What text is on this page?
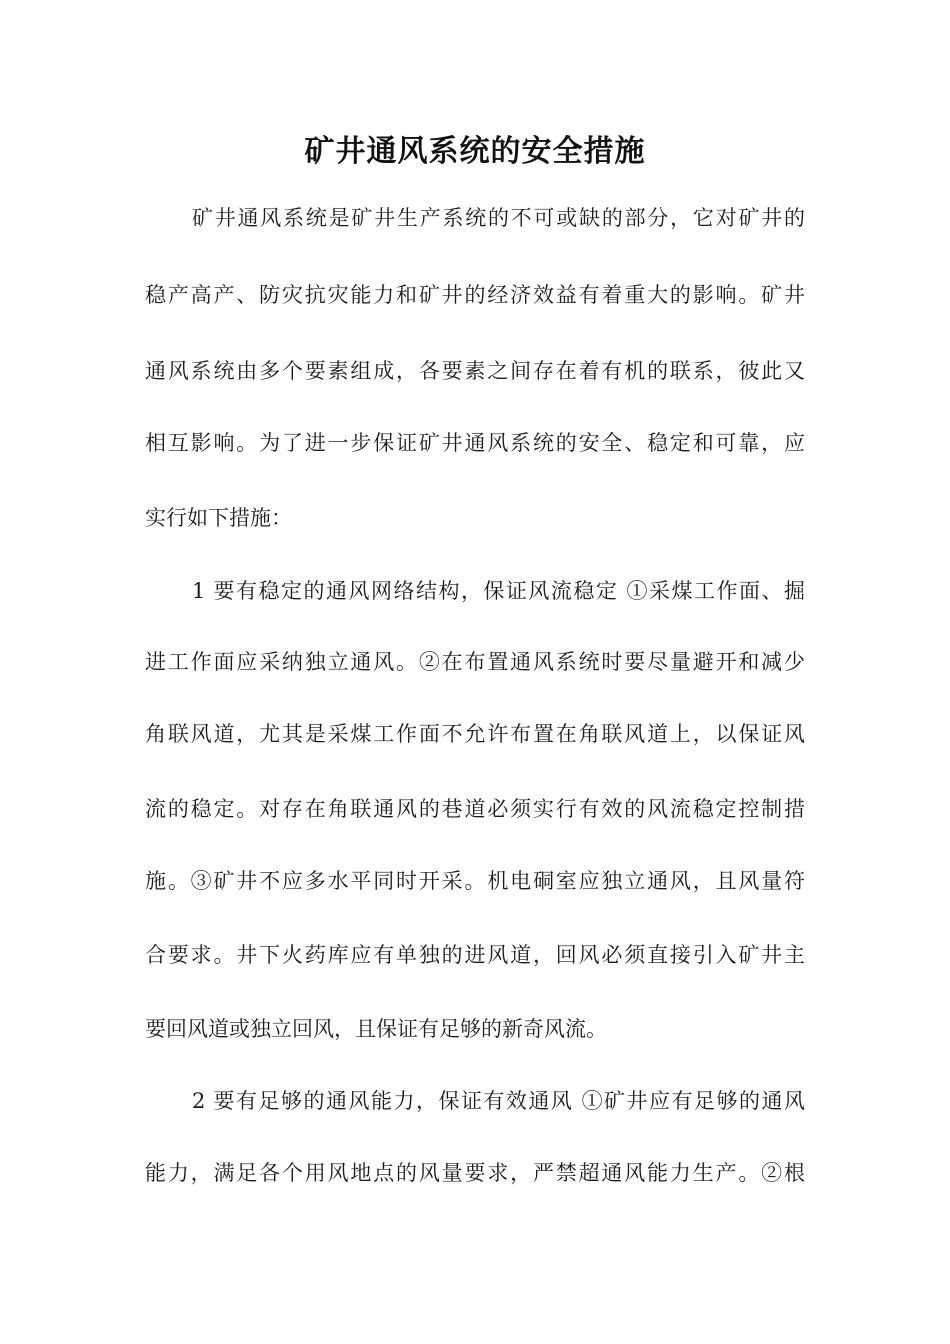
矿井通风系统的安全措施
矿井通风系统是矿井生产系统的不可或缺的部分，它对矿井的
稳产高产、防灾抗灾能力和矿井的经济效益有着重大的影响。矿井
通风系统由多个要素组成，各要素之间存在着有机的联系，彼此又
相互影响。为了进一步保证矿井通风系统的安全、稳定和可靠，应
实行如下措施：
1 要有稳定的通风网络结构，保证风流稳定 ①采煤工作面、掘
进工作面应采纳独立通风。②在布置通风系统时要尽量避开和减少
角联风道，尤其是采煤工作面不允许布置在角联风道上，以保证风
流的稳定。对存在角联通风的巷道必须实行有效的风流稳定控制措
施。③矿井不应多水平同时开采。机电硐室应独立通风，且风量符
合要求。井下火药库应有单独的进风道，回风必须直接引入矿井主
要回风道或独立回风，且保证有足够的新奇风流。
2 要有足够的通风能力，保证有效通风 ①矿井应有足够的通风
能力，满足各个用风地点的风量要求，严禁超通风能力生产。②根
